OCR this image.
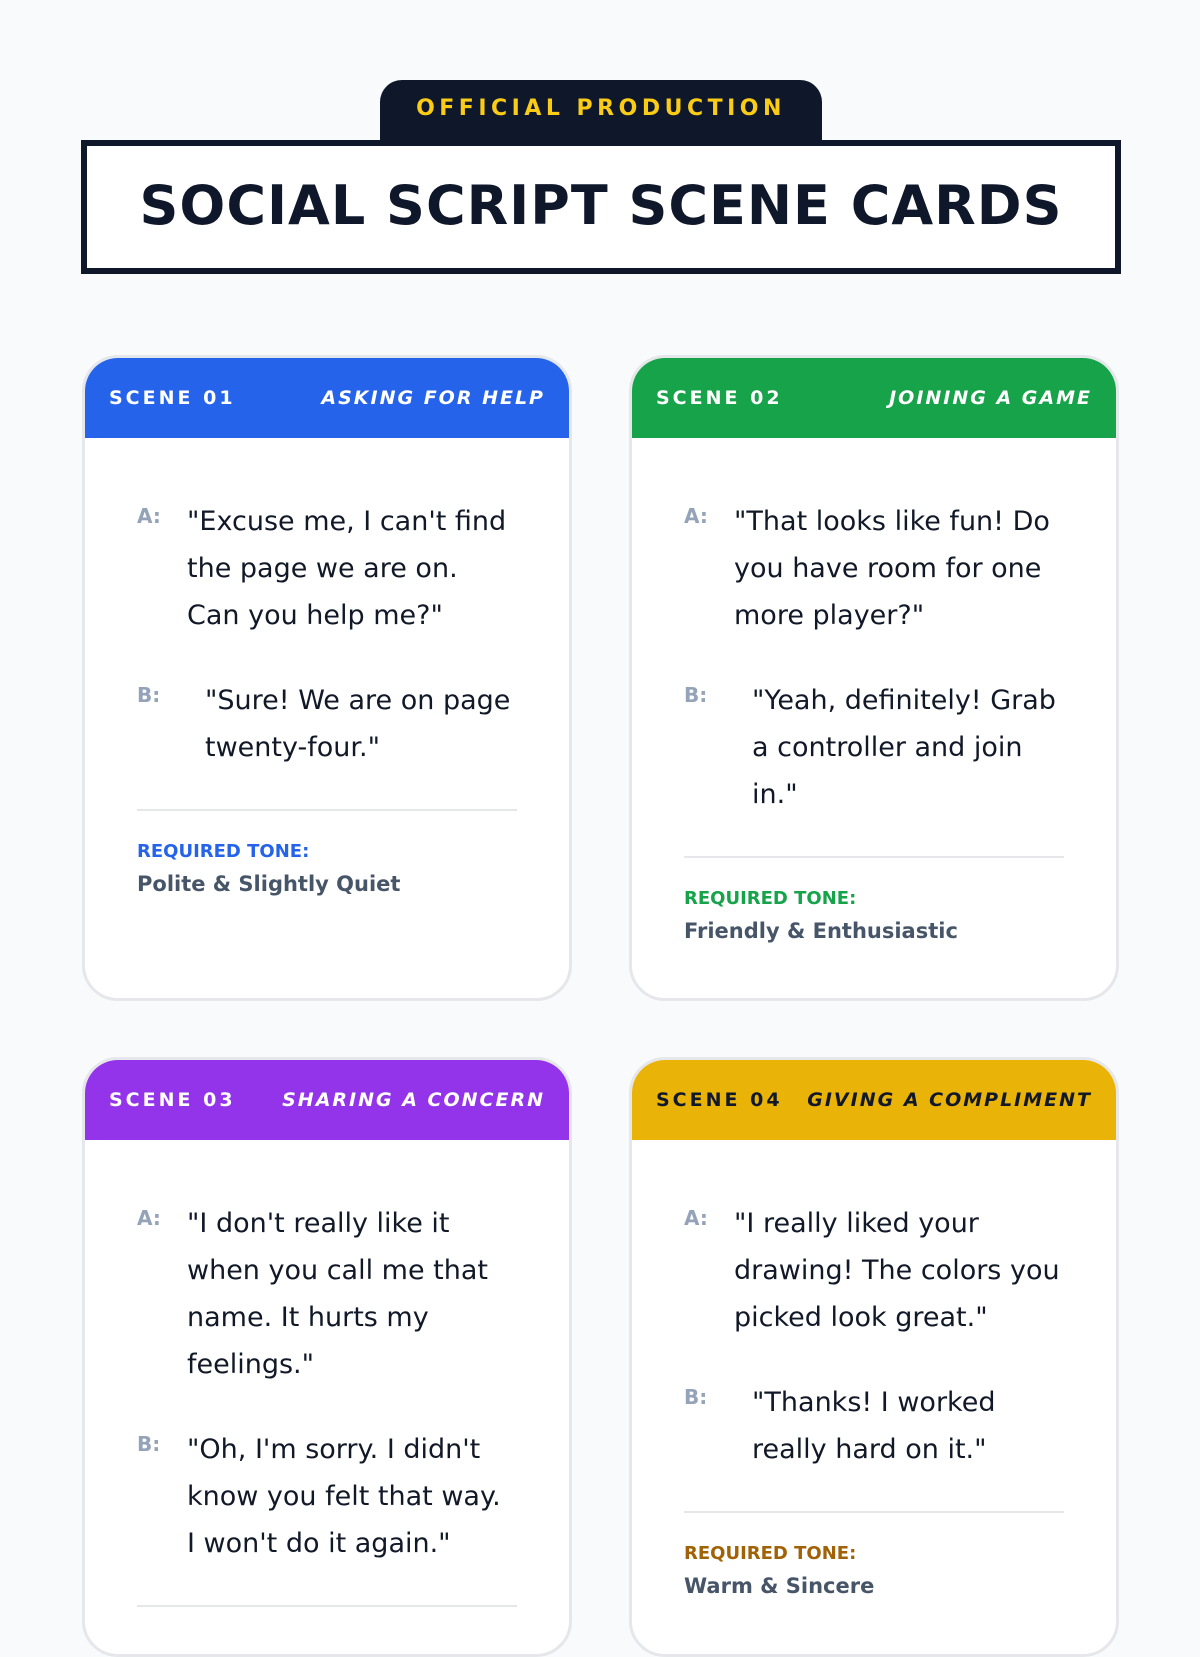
OFFICIAL PRODUCTION
SOCIAL SCRIPT SCENE CARDS
SCENE 01	ASKING FOR HELP
A: "Excuse me, I can't find the page we are on. Can you help me?"
B:	"Sure! We are on page twenty-four."
REQUIRED TONE:
Polite & Slightly Quiet
SCENE 02	JOINING A GAME
A: "That looks like fun! Do you have room for one more player?"
B:	"Yeah, definitely! Grab a controller and join in."
REQUIRED TONE:
Friendly & Enthusiastic
SCENE 03 SHARING A CONCERN
A: "I don't really like it when you call me that name. It hurts my feelings."
B: "Oh, I'm sorry. I didn't know you felt that way. I won't do it again."
SCENE 04 GIVING A COMPLIMENT
A: "I really liked your drawing! The colors you picked look great."
B:	"Thanks! I worked really hard on it."
REQUIRED TONE:
Warm & Sincere
